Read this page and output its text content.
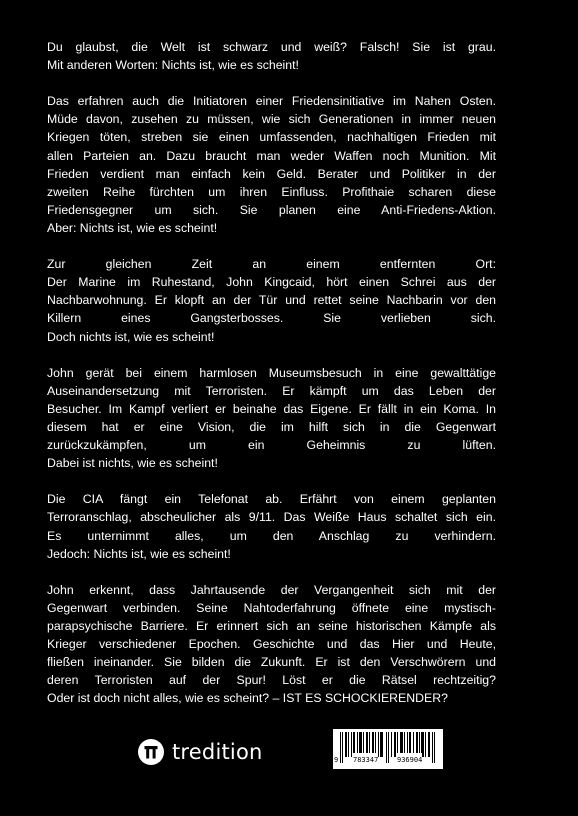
Du glaubst, die Welt ist schwarz und weiß? Falsch! Sie ist grau.
Mit anderen Worten: Nichts ist, wie es scheint!
Das erfahren auch die Initiatoren einer Friedensinitiative im Nahen Osten.
Müde davon, zusehen zu müssen, wie sich Generationen in immer neuen
Kriegen töten, streben sie einen umfassenden, nachhaltigen Frieden mit
allen Parteien an. Dazu braucht man weder Waffen noch Munition. Mit
Frieden verdient man einfach kein Geld. Berater und Politiker in der
zweiten Reihe fürchten um ihren Einfluss. Profithaie scharen diese
Friedensgegner um sich. Sie planen eine Anti-Friedens-Aktion.
Aber: Nichts ist, wie es scheint!
Zur gleichen Zeit an einem entfernten Ort:
Der Marine im Ruhestand, John Kingcaid, hört einen Schrei aus der
Nachbarwohnung. Er klopft an der Tür und rettet seine Nachbarin vor den
Killern eines Gangsterbosses. Sie verlieben sich.
Doch nichts ist, wie es scheint!
John gerät bei einem harmlosen Museumsbesuch in eine gewalttätige
Auseinandersetzung mit Terroristen. Er kämpft um das Leben der
Besucher. Im Kampf verliert er beinahe das Eigene. Er fällt in ein Koma. In
diesem hat er eine Vision, die im hilft sich in die Gegenwart
zurückzukämpfen, um ein Geheimnis zu lüften.
Dabei ist nichts, wie es scheint!
Die CIA fängt ein Telefonat ab. Erfährt von einem geplanten
Terroranschlag, abscheulicher als 9/11. Das Weiße Haus schaltet sich ein.
Es unternimmt alles, um den Anschlag zu verhindern.
Jedoch: Nichts ist, wie es scheint!
John erkennt, dass Jahrtausende der Vergangenheit sich mit der
Gegenwart verbinden. Seine Nahtoderfahrung öffnete eine mystisch-
parapsychische Barriere. Er erinnert sich an seine historischen Kämpfe als
Krieger verschiedener Epochen. Geschichte und das Hier und Heute,
fließen ineinander. Sie bilden die Zukunft. Er ist den Verschwörern und
deren Terroristen auf der Spur! Löst er die Rätsel rechtzeitig?
Oder ist doch nicht alles, wie es scheint? – IST ES SCHOCKIERENDER?
tredition	9 783347	936904
